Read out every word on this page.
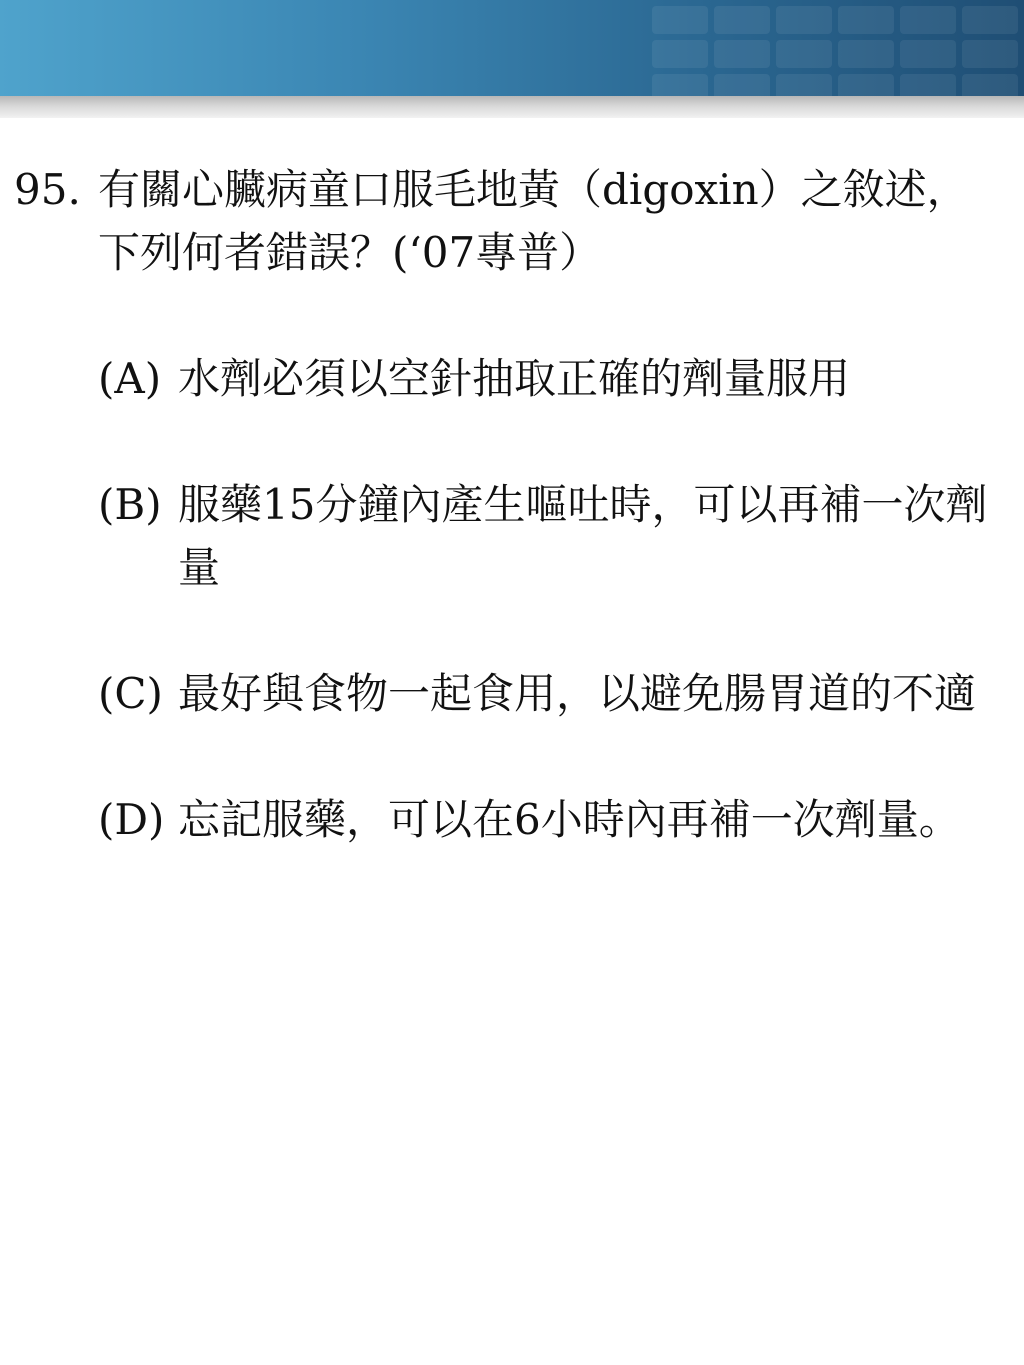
95. 有關心臟病童口服毛地黃（digoxin）之敘述，下列何者錯誤？(‘07專普）
(A) 水劑必須以空針抽取正確的劑量服用
(B) 服藥15分鐘內產生嘔吐時，可以再補一次劑量
(C) 最好與食物一起食用，以避免腸胃道的不適
(D) 忘記服藥，可以在6小時內再補一次劑量。
